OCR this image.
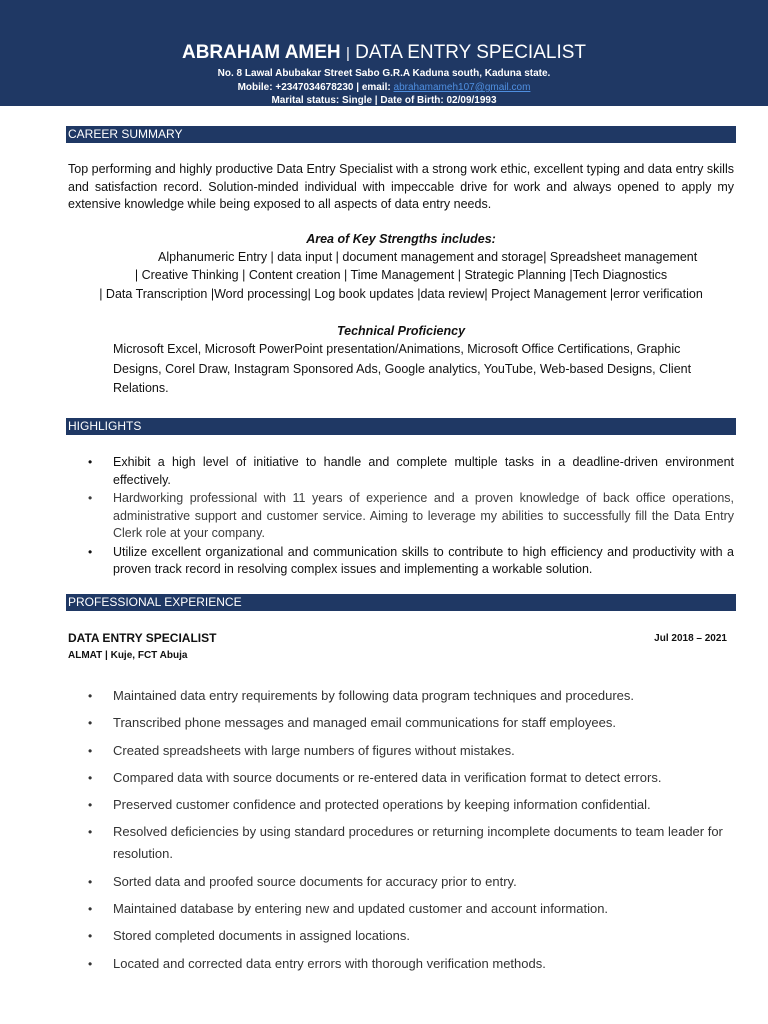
ABRAHAM AMEH | DATA ENTRY SPECIALIST
No. 8 Lawal Abubakar Street Sabo G.R.A Kaduna south, Kaduna state.
Mobile: +2347034678230 | email: abrahamameh107@gmail.com
Marital status: Single | Date of Birth: 02/09/1993
CAREER SUMMARY
Top performing and highly productive Data Entry Specialist with a strong work ethic, excellent typing and data entry skills and satisfaction record. Solution-minded individual with impeccable drive for work and always opened to apply my extensive knowledge while being exposed to all aspects of data entry needs.
Area of Key Strengths includes:
Alphanumeric Entry | data input | document management and storage| Spreadsheet management
| Creative Thinking | Content creation | Time Management | Strategic Planning |Tech Diagnostics
| Data Transcription |Word processing| Log book updates |data review| Project Management |error verification
Technical Proficiency
Microsoft Excel, Microsoft PowerPoint presentation/Animations, Microsoft Office Certifications, Graphic Designs, Corel Draw, Instagram Sponsored Ads, Google analytics, YouTube, Web-based Designs, Client Relations.
HIGHLIGHTS
• Exhibit a high level of initiative to handle and complete multiple tasks in a deadline-driven environment effectively.
• Hardworking professional with 11 years of experience and a proven knowledge of back office operations, administrative support and customer service. Aiming to leverage my abilities to successfully fill the Data Entry Clerk role at your company.
• Utilize excellent organizational and communication skills to contribute to high efficiency and productivity with a proven track record in resolving complex issues and implementing a workable solution.
PROFESSIONAL EXPERIENCE
DATA ENTRY SPECIALIST	Jul 2018 – 2021
ALMAT | Kuje, FCT Abuja
• Maintained data entry requirements by following data program techniques and procedures.
• Transcribed phone messages and managed email communications for staff employees.
• Created spreadsheets with large numbers of figures without mistakes.
• Compared data with source documents or re-entered data in verification format to detect errors.
• Preserved customer confidence and protected operations by keeping information confidential.
• Resolved deficiencies by using standard procedures or returning incomplete documents to team leader for resolution.
• Sorted data and proofed source documents for accuracy prior to entry.
• Maintained database by entering new and updated customer and account information.
• Stored completed documents in assigned locations.
• Located and corrected data entry errors with thorough verification methods.
